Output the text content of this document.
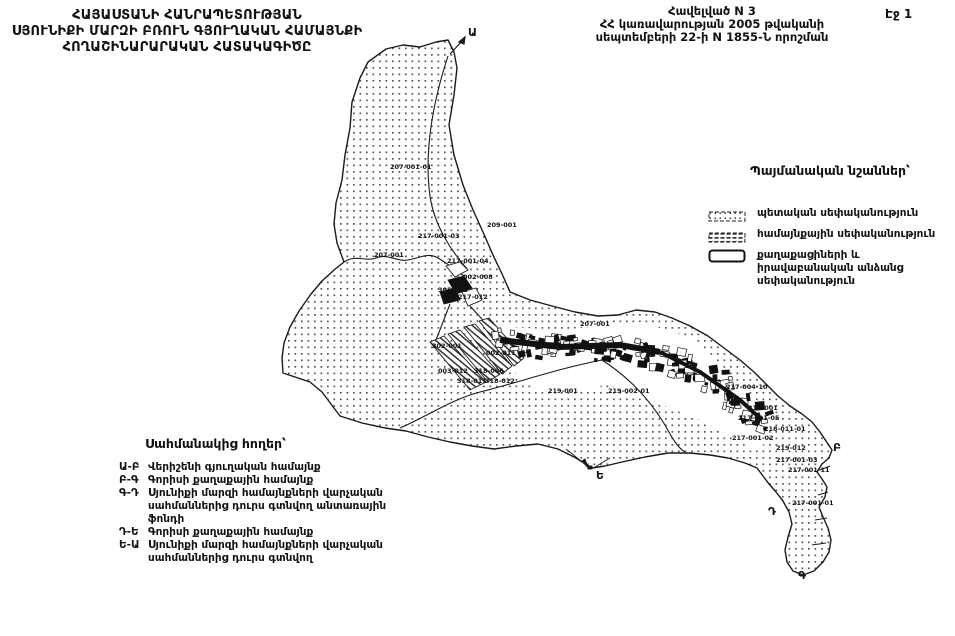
ՀԱՅԱՍՏԱՆԻ ՀԱՆՐԱՊԵՏՈՒԹՅԱՆ
ՍՅՈՒՆԻՔԻ ՄԱՐԶԻ ԲՌՈՒՆ ԳՅՈՒՂԱԿԱՆ ՀԱՄԱՅՆՔԻ
ՀՈՂԱՇԻՆԱՐԱՐԱԿԱՆ ՀԱՏԱԿԱԳԻԾԸ
Հավելված N 3
ՀՀ կառավարության 2005 թվականի
սեպտեմբերի 22-ի N 1855-Ն որոշման
Էջ 1
207-001-01
209-001
217-001-03
207-001
217-001-04
002-008
305-001
217-012
207-001
302-001
002-011
003-012 318-006
318-011
318-012
219-001	219-002-01	217-004-10
218-001
217-001-05
218-011-01
217-001-02
219-012
217-001-03
217-001-11
217-001-01
Ա
Բ
Գ
Դ
Ե
Պայմանական նշաններ՝
պետական սեփականություն
համայնքային սեփականություն
քաղաքացիների և իրավաբանական անձանց սեփականություն
Սահմանակից հողեր՝
Ա-Բ Վերիշենի գյուղական համայնք
Բ-Գ Գորիսի քաղաքային համայնք
Գ-Դ Սյունիքի մարզի համայնքների վարչական սահմաններից դուրս գտնվող անտառային ֆոնդի
Դ-Ե Գորիսի քաղաքային համայնք
Ե-Ա Սյունիքի մարզի համայնքների վարչական սահմաններից դուրս գտնվող
